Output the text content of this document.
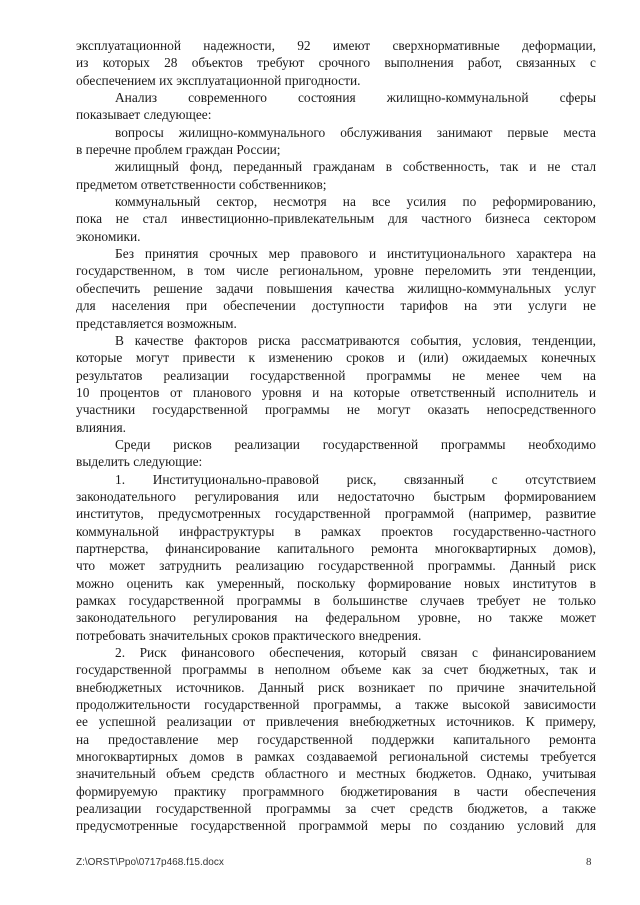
эксплуатационной надежности, 92 имеют сверхнормативные деформации,

из которых 28 объектов требуют срочного выполнения работ, связанных с

обеспечением их эксплуатационной пригодности.

Анализ современного состояния жилищно-коммунальной сферы

показывает следующее:

вопросы жилищно-коммунального обслуживания занимают первые места

в перечне проблем граждан России;

жилищный фонд, переданный гражданам в собственность, так и не стал

предметом ответственности собственников;

коммунальный сектор, несмотря на все усилия по реформированию,

пока не стал инвестиционно-привлекательным для частного бизнеса сектором

экономики.

Без принятия срочных мер правового и институционального характера на

государственном, в том числе региональном, уровне переломить эти тенденции,

обеспечить решение задачи повышения качества жилищно-коммунальных услуг

для населения при обеспечении доступности тарифов на эти услуги не

представляется возможным.

В качестве факторов риска рассматриваются события, условия, тенденции,

которые могут привести к изменению сроков и (или) ожидаемых конечных

результатов реализации государственной программы не менее чем на

10 процентов от планового уровня и на которые ответственный исполнитель и

участники государственной программы не могут оказать непосредственного

влияния.

Среди рисков реализации государственной программы необходимо

выделить следующие:

1. Институционально-правовой риск, связанный с отсутствием

законодательного регулирования или недостаточно быстрым формированием

институтов, предусмотренных государственной программой (например, развитие

коммунальной инфраструктуры в рамках проектов государственно-частного

партнерства, финансирование капитального ремонта многоквартирных домов),

что может затруднить реализацию государственной программы. Данный риск

можно оценить как умеренный, поскольку формирование новых институтов в

рамках государственной программы в большинстве случаев требует не только

законодательного регулирования на федеральном уровне, но также может

потребовать значительных сроков практического внедрения.

2. Риск финансового обеспечения, который связан с финансированием

государственной программы в неполном объеме как за счет бюджетных, так и

внебюджетных источников. Данный риск возникает по причине значительной

продолжительности государственной программы, а также высокой зависимости

ее успешной реализации от привлечения внебюджетных источников. К примеру,

на предоставление мер государственной поддержки капитального ремонта

многоквартирных домов в рамках создаваемой региональной системы требуется

значительный объем средств областного и местных бюджетов. Однако, учитывая

формируемую практику программного бюджетирования в части обеспечения

реализации государственной программы за счет средств бюджетов, а также

предусмотренные государственной программой меры по созданию условий для

Z:\ORST\Ppo\0717p468.f15.docx	8
